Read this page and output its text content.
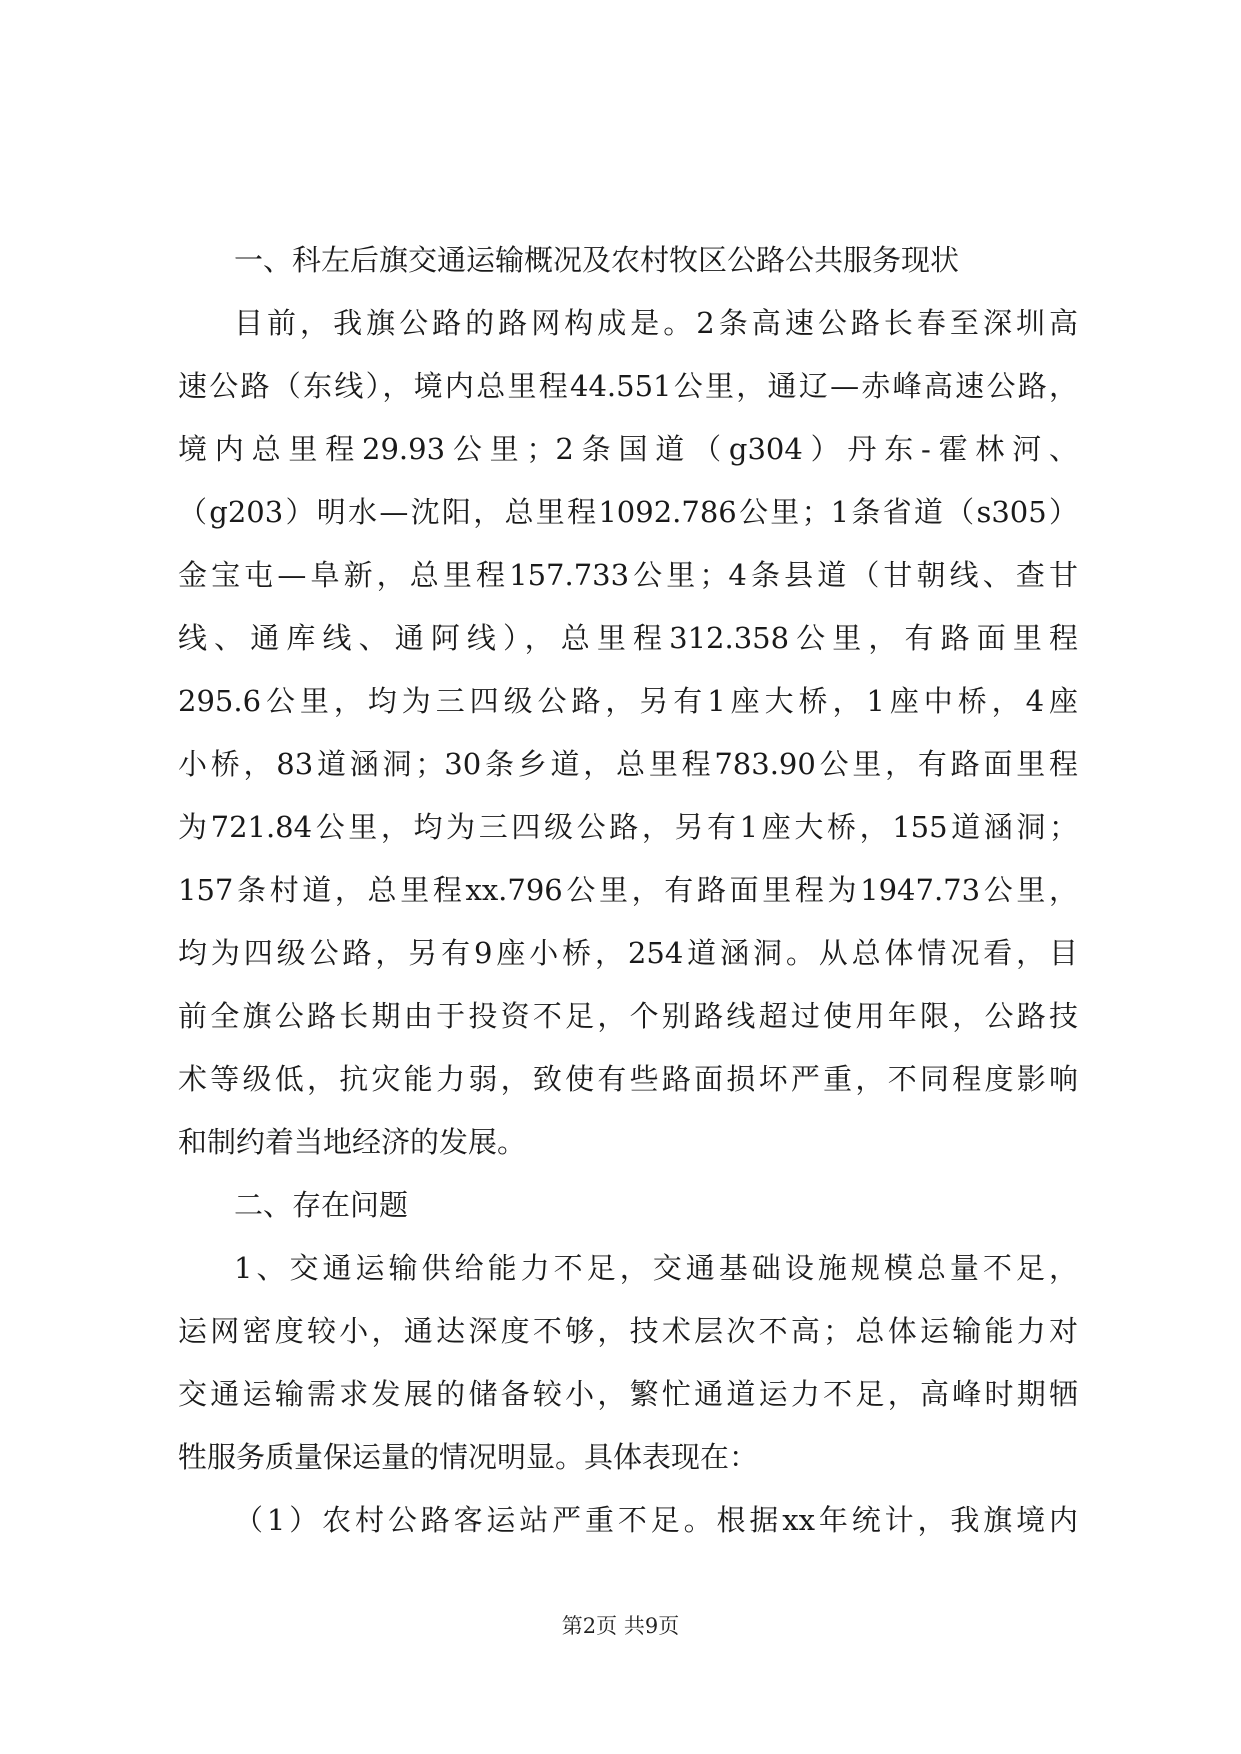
一、科左后旗交通运输概况及农村牧区公路公共服务现状
目前，我旗公路的路网构成是。2条高速公路长春至深圳高
速公路（东线），境内总里程44.551公里，通辽—赤峰高速公路，
境内总里程29.93公里；2条国道（g304）丹东-霍林河、
（g203）明水—沈阳，总里程1092.786公里；1条省道（s305）
金宝屯—阜新，总里程157.733公里；4条县道（甘朝线、查甘
线、通库线、通阿线），总里程312.358公里，有路面里程
295.6公里，均为三四级公路，另有1座大桥，1座中桥，4座
小桥，83道涵洞；30条乡道，总里程783.90公里，有路面里程
为721.84公里，均为三四级公路，另有1座大桥，155道涵洞；
157条村道，总里程xx.796公里，有路面里程为1947.73公里，
均为四级公路，另有9座小桥，254道涵洞。从总体情况看，目
前全旗公路长期由于投资不足，个别路线超过使用年限，公路技
术等级低，抗灾能力弱，致使有些路面损坏严重，不同程度影响
和制约着当地经济的发展。
二、存在问题
1、交通运输供给能力不足，交通基础设施规模总量不足，
运网密度较小，通达深度不够，技术层次不高；总体运输能力对
交通运输需求发展的储备较小，繁忙通道运力不足，高峰时期牺
牲服务质量保运量的情况明显。具体表现在：
（1）农村公路客运站严重不足。根据xx年统计，我旗境内
第2页 共9页
